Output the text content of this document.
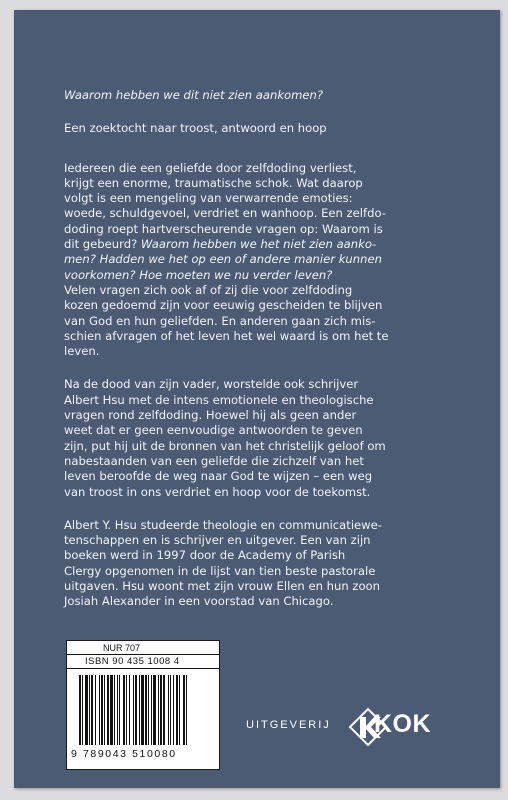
Waarom hebben we dit niet zien aankomen?

Een zoektocht naar troost, antwoord en hoop

Iedereen die een geliefde door zelfdoding verliest,
krijgt een enorme, traumatische schok. Wat daarop
volgt is een mengeling van verwarrende emoties:
woede, schuldgevoel, verdriet en wanhoop. Een zelfdo-
doding roept hartverscheurende vragen op: Waarom is
dit gebeurd? Waarom hebben we het niet zien aankо-
men? Hadden we het op een of andere manier kunnen
voorkomen? Hoe moeten we nu verder leven?
Velen vragen zich ook af of zij die voor zelfdoding
kozen gedoemd zijn voor eeuwig gescheiden te blijven
van God en hun geliefden. En anderen gaan zich mis-
schien afvragen of het leven het wel waard is om het te
leven.

Na de dood van zijn vader, worstelde ook schrijver
Albert Hsu met de intens emotionele en theologische
vragen rond zelfdoding. Hoewel hij als geen ander
weet dat er geen eenvoudige antwoorden te geven
zijn, put hij uit de bronnen van het christelijk geloof om
nabestaanden van een geliefde die zichzelf van het
leven beroofde de weg naar God te wijzen – een weg
van troost in ons verdriet en hoop voor de toekomst.

Albert Y. Hsu studeerde theologie en communicatiewe-
tenschappen en is schrijver en uitgever. Een van zijn
boeken werd in 1997 door de Academy of Parish
Clergy opgenomen in de lijst van tien beste pastorale
uitgaven. Hsu woont met zijn vrouw Ellen en hun zoon
Josiah Alexander in een voorstad van Chicago.

NUR 707
ISBN 90 435 1008 4
9 789043 510080
UITGEVERIJ KOK
